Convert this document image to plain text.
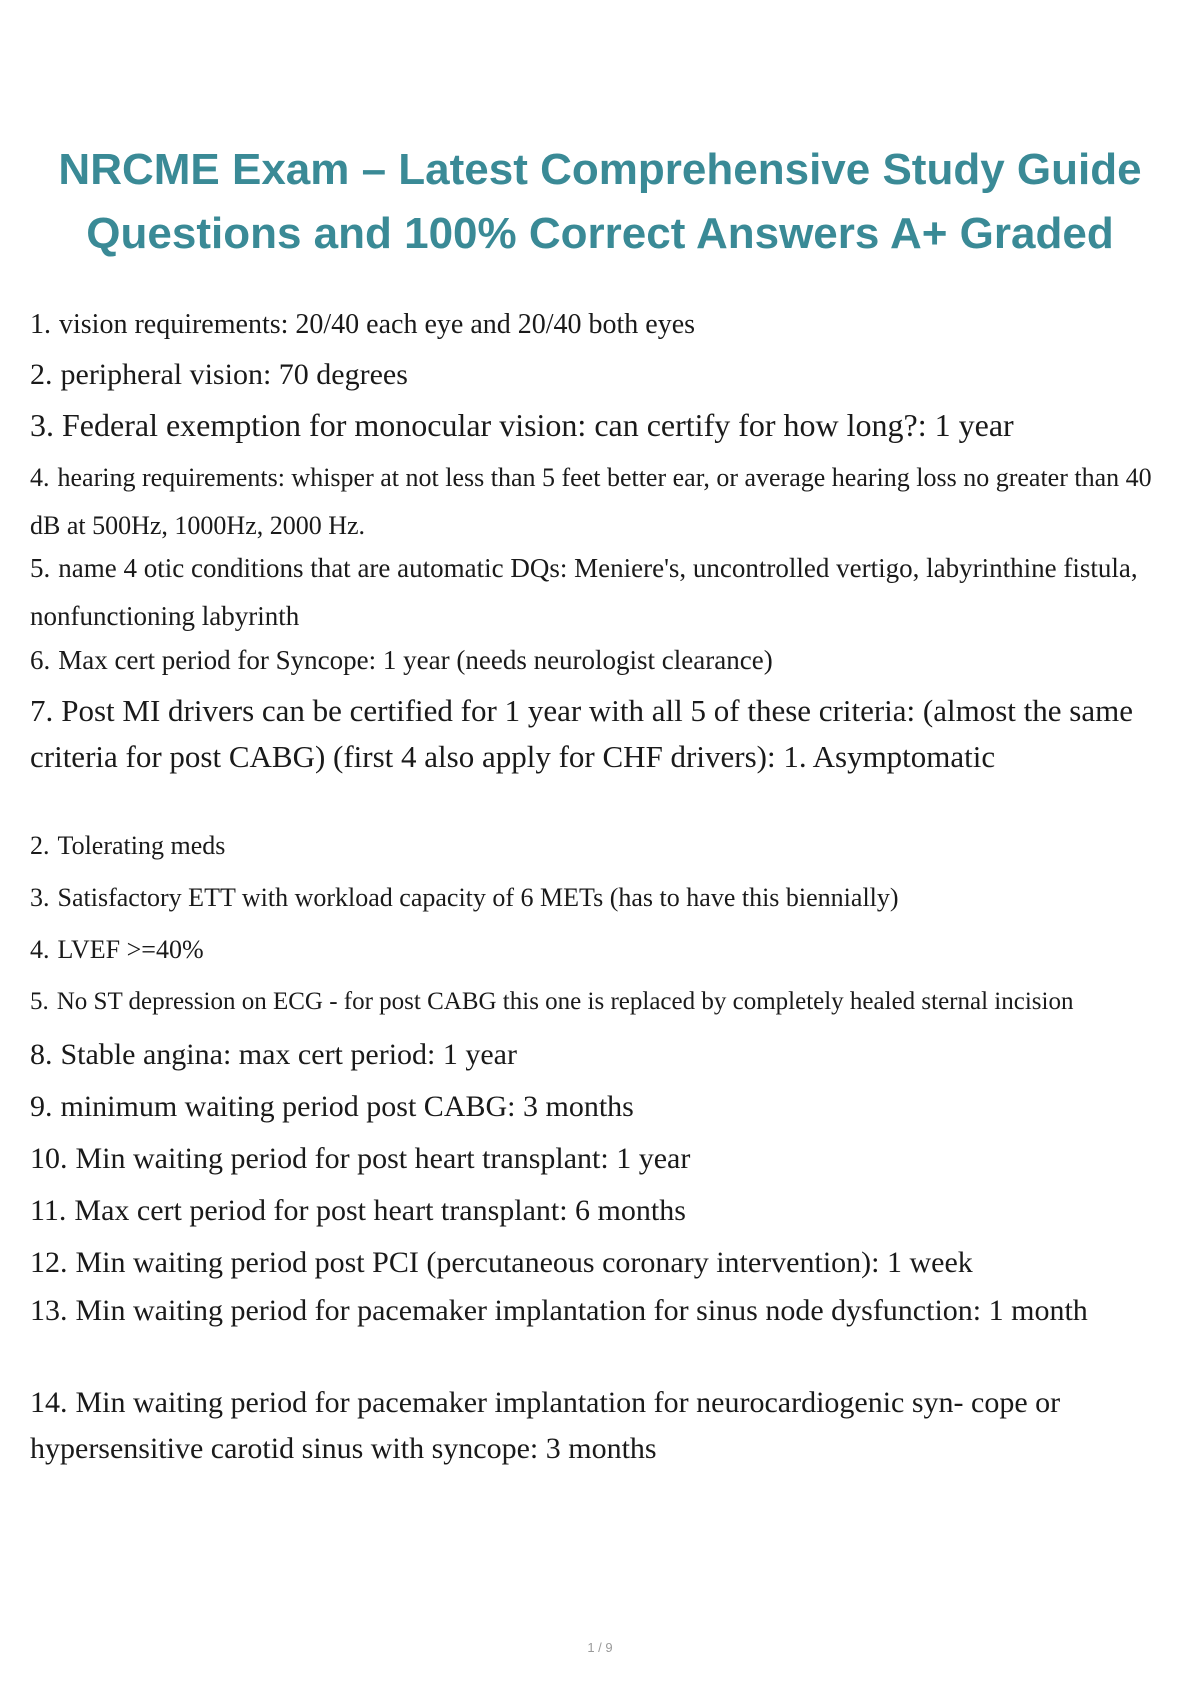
NRCME Exam – Latest Comprehensive Study Guide
Questions and 100% Correct Answers A+ Graded
1. vision requirements: 20/40 each eye and 20/40 both eyes
2. peripheral vision: 70 degrees
3. Federal exemption for monocular vision: can certify for how long?: 1 year
4. hearing requirements: whisper at not less than 5 feet better ear, or average hearing loss no greater than 40 dB at 500Hz, 1000Hz, 2000 Hz.
5. name 4 otic conditions that are automatic DQs: Meniere's, uncontrolled vertigo, labyrinthine fistula, nonfunctioning labyrinth
6. Max cert period for Syncope: 1 year (needs neurologist clearance)
7. Post MI drivers can be certified for 1 year with all 5 of these criteria: (almost the same criteria for post CABG) (first 4 also apply for CHF drivers): 1. Asymptomatic
2. Tolerating meds
3. Satisfactory ETT with workload capacity of 6 METs (has to have this biennially)
4. LVEF >=40%
5. No ST depression on ECG - for post CABG this one is replaced by completely healed sternal incision
8. Stable angina: max cert period: 1 year
9. minimum waiting period post CABG: 3 months
10. Min waiting period for post heart transplant: 1 year
11. Max cert period for post heart transplant: 6 months
12. Min waiting period post PCI (percutaneous coronary intervention): 1 week
13. Min waiting period for pacemaker implantation for sinus node dysfunction: 1 month
14. Min waiting period for pacemaker implantation for neurocardiogenic syn- cope or hypersensitive carotid sinus with syncope: 3 months
1 / 9
